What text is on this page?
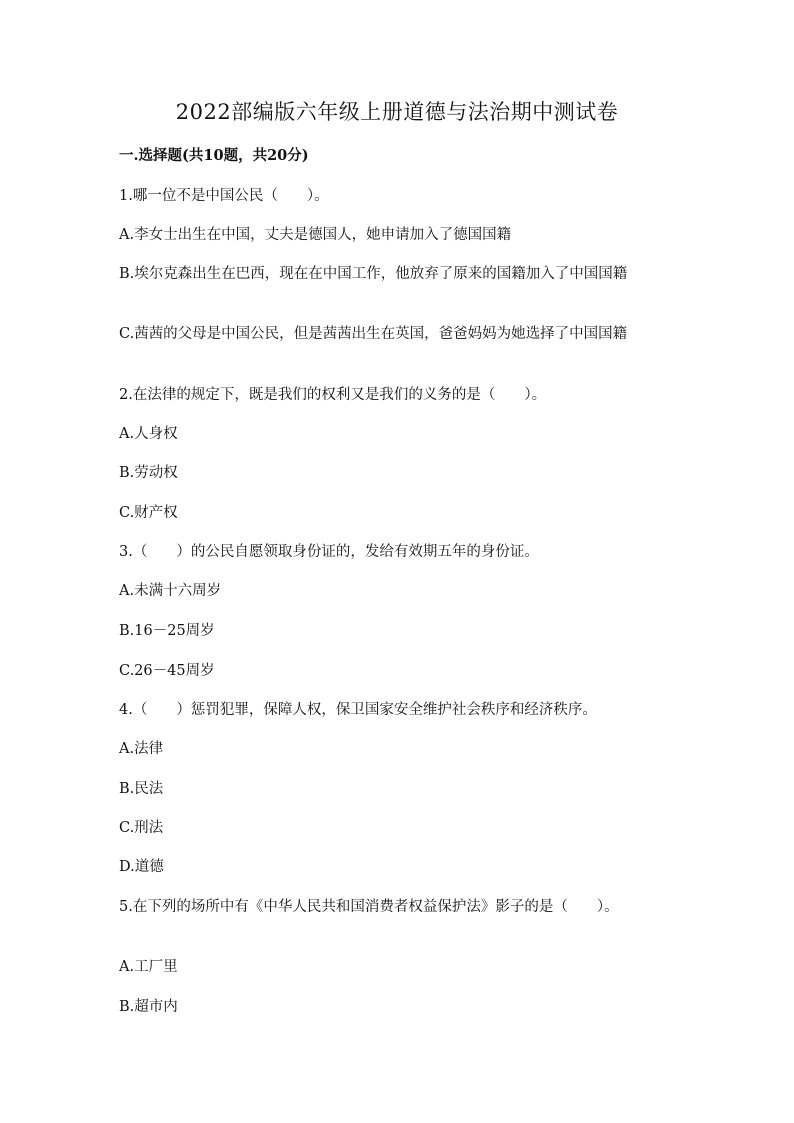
2022部编版六年级上册道德与法治期中测试卷
一.选择题(共10题，共20分)
1.哪一位不是中国公民（　　）。
A.李女士出生在中国，丈夫是德国人，她申请加入了德国国籍
B.埃尔克森出生在巴西，现在在中国工作，他放弃了原来的国籍加入了中国国籍
C.茜茜的父母是中国公民，但是茜茜出生在英国，爸爸妈妈为她选择了中国国籍
2.在法律的规定下，既是我们的权利又是我们的义务的是（　　）。
A.人身权
B.劳动权
C.财产权
3.（　　）的公民自愿领取身份证的，发给有效期五年的身份证。
A.未满十六周岁
B.16－25周岁
C.26－45周岁
4.（　　）惩罚犯罪，保障人权，保卫国家安全维护社会秩序和经济秩序。
A.法律
B.民法
C.刑法
D.道德
5.在下列的场所中有《中华人民共和国消费者权益保护法》影子的是（　　）。
A.工厂里
B.超市内
